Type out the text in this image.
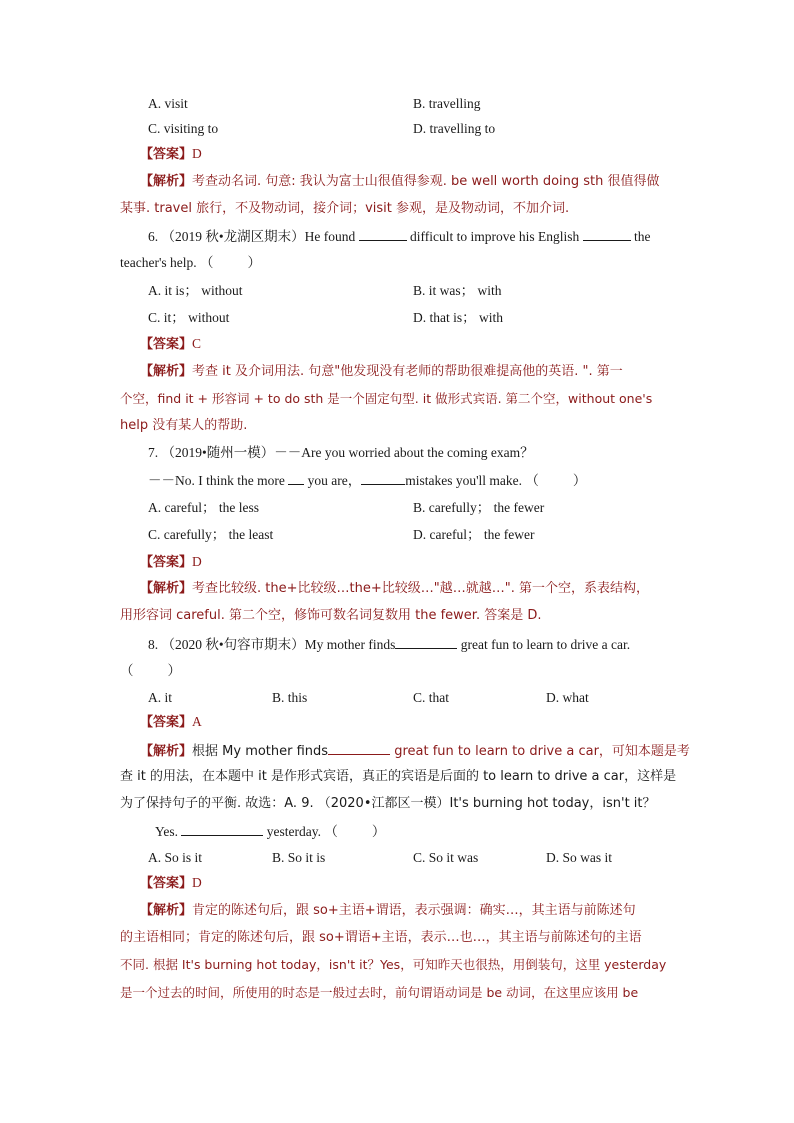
A. visit	B. travelling
C. visiting to	D. travelling to
【答案】D
【解析】考查动名词. 句意: 我认为富士山很值得参观. be well worth doing sth 很值得做
某事. travel 旅行，不及物动词，接介词；visit 参观，是及物动词，不加介词.
6. （2019 秋•龙湖区期末）He found	difficult to improve his English	the
teacher's help. （	）
A. it is； without	B. it was； with
C. it； without	D. that is； with
【答案】C
【解析】考查 it 及介词用法. 句意"他发现没有老师的帮助很难提高他的英语. ". 第一
个空，find it + 形容词 + to do sth 是一个固定句型. it 做形式宾语. 第二个空，without one's
help 没有某人的帮助.
7. （2019•随州一模）－－Are you worried about the coming exam？
－－No. I think the more you are，	mistakes you'll make. （	）
A. careful； the less	B. carefully； the fewer
C. carefully； the least	D. careful； the fewer
【答案】D
【解析】考查比较级. the+比较级…the+比较级…"越…就越…". 第一个空，系表结构，
用形容词 careful. 第二个空，修饰可数名词复数用 the fewer. 答案是 D.
8. （2020 秋•句容市期末）My mother finds	great fun to learn to drive a car.
（	）
A. it	B. this	C. that	D. what
【答案】A
【解析】根据 My mother finds	great fun to learn to drive a car，可知本题是考
查 it 的用法，在本题中 it 是作形式宾语，真正的宾语是后面的 to learn to drive a car，这样是
为了保持句子的平衡. 故选：A. 9. （2020•江都区一模）It's burning hot today，isn't it？
Yes.	yesterday. （	）
A. So is it	B. So it is	C. So it was	D. So was it
【答案】D
【解析】肯定的陈述句后，跟 so+主语+谓语，表示强调：确实…，其主语与前陈述句
的主语相同；肯定的陈述句后，跟 so+谓语+主语，表示…也…，其主语与前陈述句的主语
不同. 根据 It's burning hot today，isn't it？Yes，可知昨天也很热，用倒装句，这里 yesterday
是一个过去的时间，所使用的时态是一般过去时，前句谓语动词是 be 动词，在这里应该用 be
